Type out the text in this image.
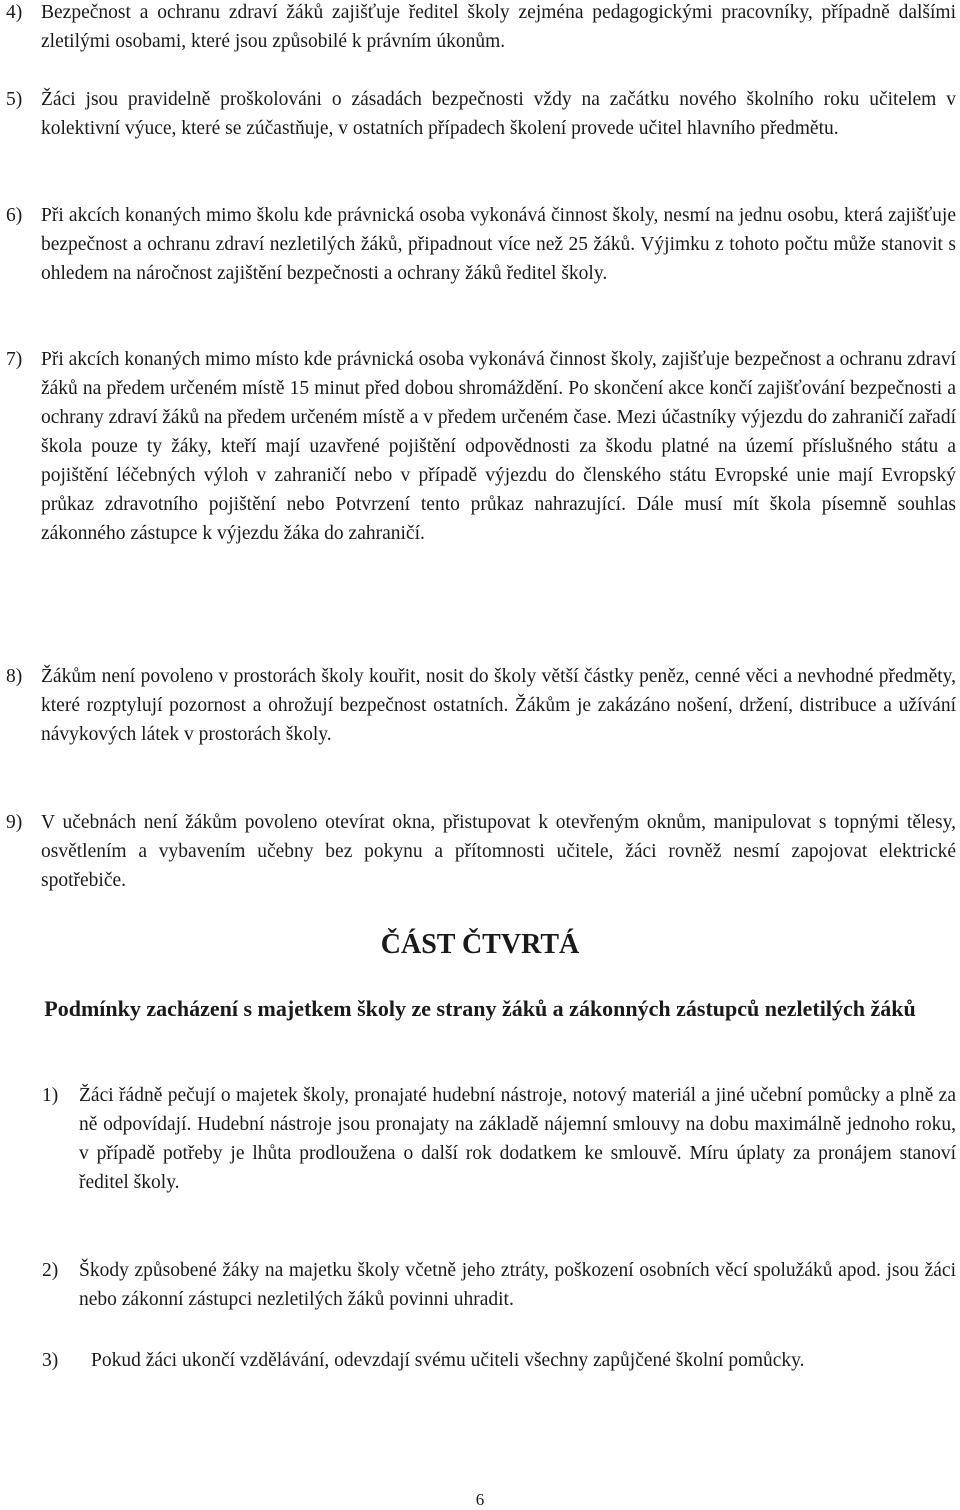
4) Bezpečnost a ochranu zdraví žáků zajišťuje ředitel školy zejména pedagogickými pracovníky, případně dalšími zletilými osobami, které jsou způsobilé k právním úkonům.
5) Žáci jsou pravidelně proškolováni o zásadách bezpečnosti vždy na začátku nového školního roku učitelem v kolektivní výuce, které se zúčastňuje, v ostatních případech školení provede učitel hlavního předmětu.
6) Při akcích konaných mimo školu kde právnická osoba vykonává činnost školy, nesmí na jednu osobu, která zajišťuje bezpečnost a ochranu zdraví nezletilých žáků, připadnout více než 25 žáků. Výjimku z tohoto počtu může stanovit s ohledem na náročnost zajištění bezpečnosti a ochrany žáků ředitel školy.
7) Při akcích konaných mimo místo kde právnická osoba vykonává činnost školy, zajišťuje bezpečnost a ochranu zdraví žáků na předem určeném místě 15 minut před dobou shromáždění. Po skončení akce končí zajišťování bezpečnosti a ochrany zdraví žáků na předem určeném místě a v předem určeném čase. Mezi účastníky výjezdu do zahraničí zařadí škola pouze ty žáky, kteří mají uzavřené pojištění odpovědnosti za škodu platné na území příslušného státu a pojištění léčebných výloh v zahraničí nebo v případě výjezdu do členského státu Evropské unie mají Evropský průkaz zdravotního pojištění nebo Potvrzení tento průkaz nahrazující. Dále musí mít škola písemně souhlas zákonného zástupce k výjezdu žáka do zahraničí.
8) Žákům není povoleno v prostorách školy kouřit, nosit do školy větší částky peněz, cenné věci a nevhodné předměty, které rozptylují pozornost a ohrožují bezpečnost ostatních. Žákům je zakázáno nošení, držení, distribuce a užívání návykových látek v prostorách školy.
9) V učebnách není žákům povoleno otevírat okna, přistupovat k otevřeným oknům, manipulovat s topnými tělesy, osvětlením a vybavením učebny bez pokynu a přítomnosti učitele, žáci rovněž nesmí zapojovat elektrické spotřebiče.
ČÁST ČTVRTÁ
Podmínky zacházení s majetkem školy ze strany žáků a zákonných zástupců nezletilých žáků
1)	Žáci řádně pečují o majetek školy, pronajaté hudební nástroje, notový materiál a jiné učební pomůcky a plně za ně odpovídají. Hudební nástroje jsou pronajaty na základě nájemní smlouvy na dobu maximálně jednoho roku, v případě potřeby je lhůta prodloužena o další rok dodatkem ke smlouvě. Míru úplaty za pronájem stanoví ředitel školy.
2)	Škody způsobené žáky na majetku školy včetně jeho ztráty, poškození osobních věcí spolužáků apod. jsou žáci nebo zákonní zástupci nezletilých žáků povinni uhradit.
3)	Pokud žáci ukončí vzdělávání, odevzdají svému učiteli všechny zapůjčené školní pomůcky.
6
